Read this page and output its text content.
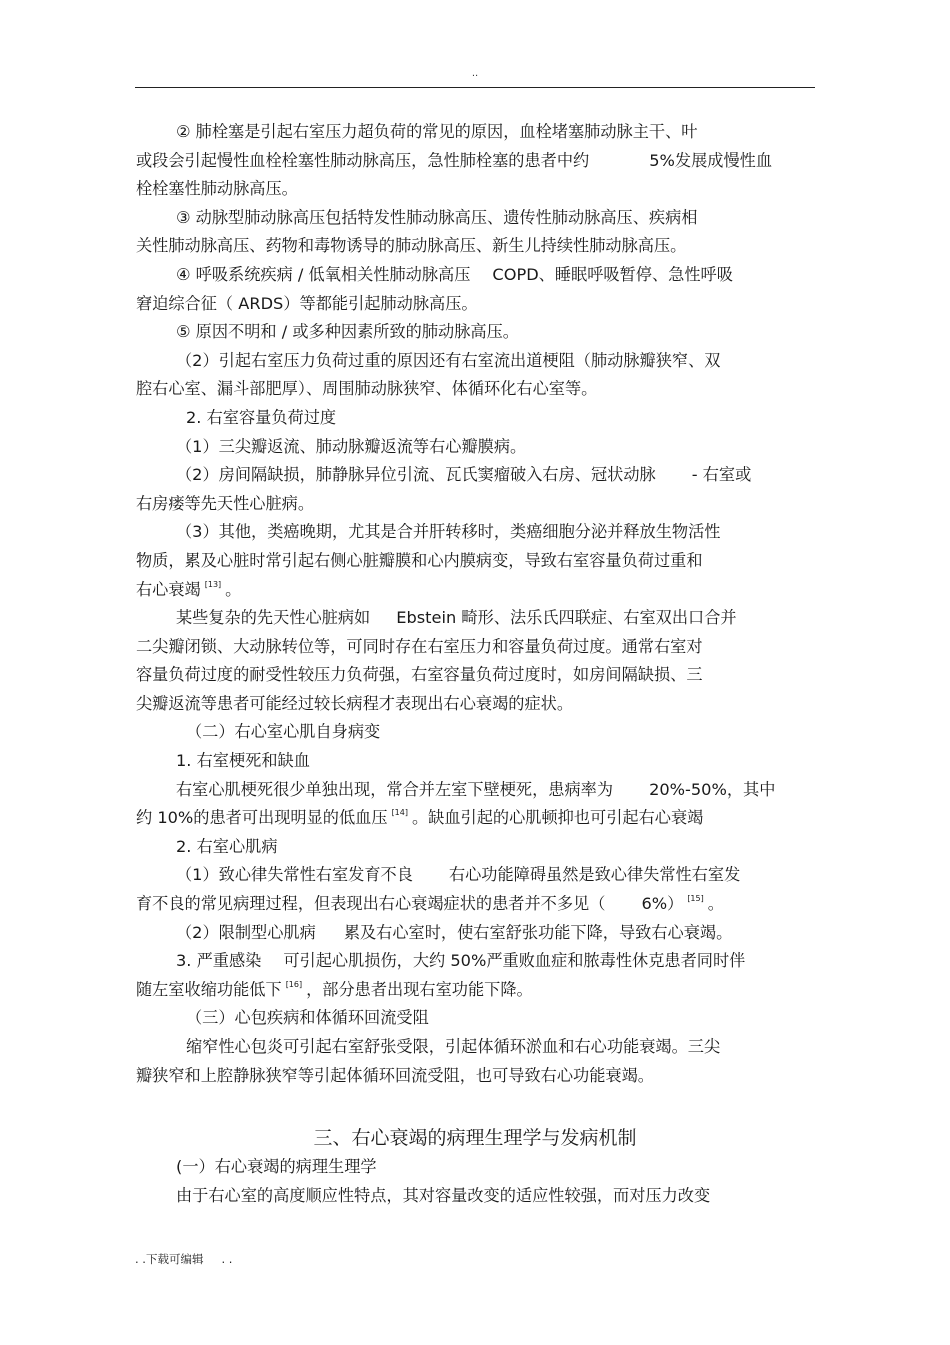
..
② 肺栓塞是引起右室压力超负荷的常见的原因，血栓堵塞肺动脉主干、叶
或段会引起慢性血栓栓塞性肺动脉高压，急性肺栓塞的患者中约	5%发展成慢性血
栓栓塞性肺动脉高压。
③ 动脉型肺动脉高压包括特发性肺动脉高压、遗传性肺动脉高压、疾病相
关性肺动脉高压、药物和毒物诱导的肺动脉高压、新生儿持续性肺动脉高压。
④ 呼吸系统疾病 / 低氧相关性肺动脉高压 COPD、睡眠呼吸暂停、急性呼吸
窘迫综合征（ ARDS）等都能引起肺动脉高压。
⑤ 原因不明和 / 或多种因素所致的肺动脉高压。
（2）引起右室压力负荷过重的原因还有右室流出道梗阻（肺动脉瓣狭窄、双
腔右心室、漏斗部肥厚）、周围肺动脉狭窄、体循环化右心室等。
2. 右室容量负荷过度
（1）三尖瓣返流、肺动脉瓣返流等右心瓣膜病。
（2）房间隔缺损，肺静脉异位引流、瓦氏窦瘤破入右房、冠状动脉 - 右室或
右房瘘等先天性心脏病。
（3）其他，类癌晚期，尤其是合并肝转移时，类癌细胞分泌并释放生物活性
物质，累及心脏时常引起右侧心脏瓣膜和心内膜病变，导致右室容量负荷过重和
右心衰竭 [13] 。
某些复杂的先天性心脏病如 Ebstein 畸形、法乐氏四联症、右室双出口合并
二尖瓣闭锁、大动脉转位等，可同时存在右室压力和容量负荷过度。通常右室对
容量负荷过度的耐受性较压力负荷强，右室容量负荷过度时，如房间隔缺损、三
尖瓣返流等患者可能经过较长病程才表现出右心衰竭的症状。
（二）右心室心肌自身病变
1. 右室梗死和缺血
右室心肌梗死很少单独出现，常合并左室下壁梗死，患病率为 20%-50%，其中
约 10%的患者可出现明显的低血压 [14] 。缺血引起的心肌顿抑也可引起右心衰竭
2. 右室心肌病
（1）致心律失常性右室发育不良 右心功能障碍虽然是致心律失常性右室发
育不良的常见病理过程，但表现出右心衰竭症状的患者并不多见（ 6%） [15] 。
（2）限制型心肌病 累及右心室时，使右室舒张功能下降，导致右心衰竭。
3. 严重感染 可引起心肌损伤，大约 50%严重败血症和脓毒性休克患者同时伴
随左室收缩功能低下 [16] ，部分患者出现右室功能下降。
（三）心包疾病和体循环回流受阻
缩窄性心包炎可引起右室舒张受限，引起体循环淤血和右心功能衰竭。三尖
瓣狭窄和上腔静脉狭窄等引起体循环回流受阻，也可导致右心功能衰竭。
三、右心衰竭的病理生理学与发病机制
(一）右心衰竭的病理生理学
由于右心室的高度顺应性特点，其对容量改变的适应性较强，而对压力改变
. .下载可编辑 . .
